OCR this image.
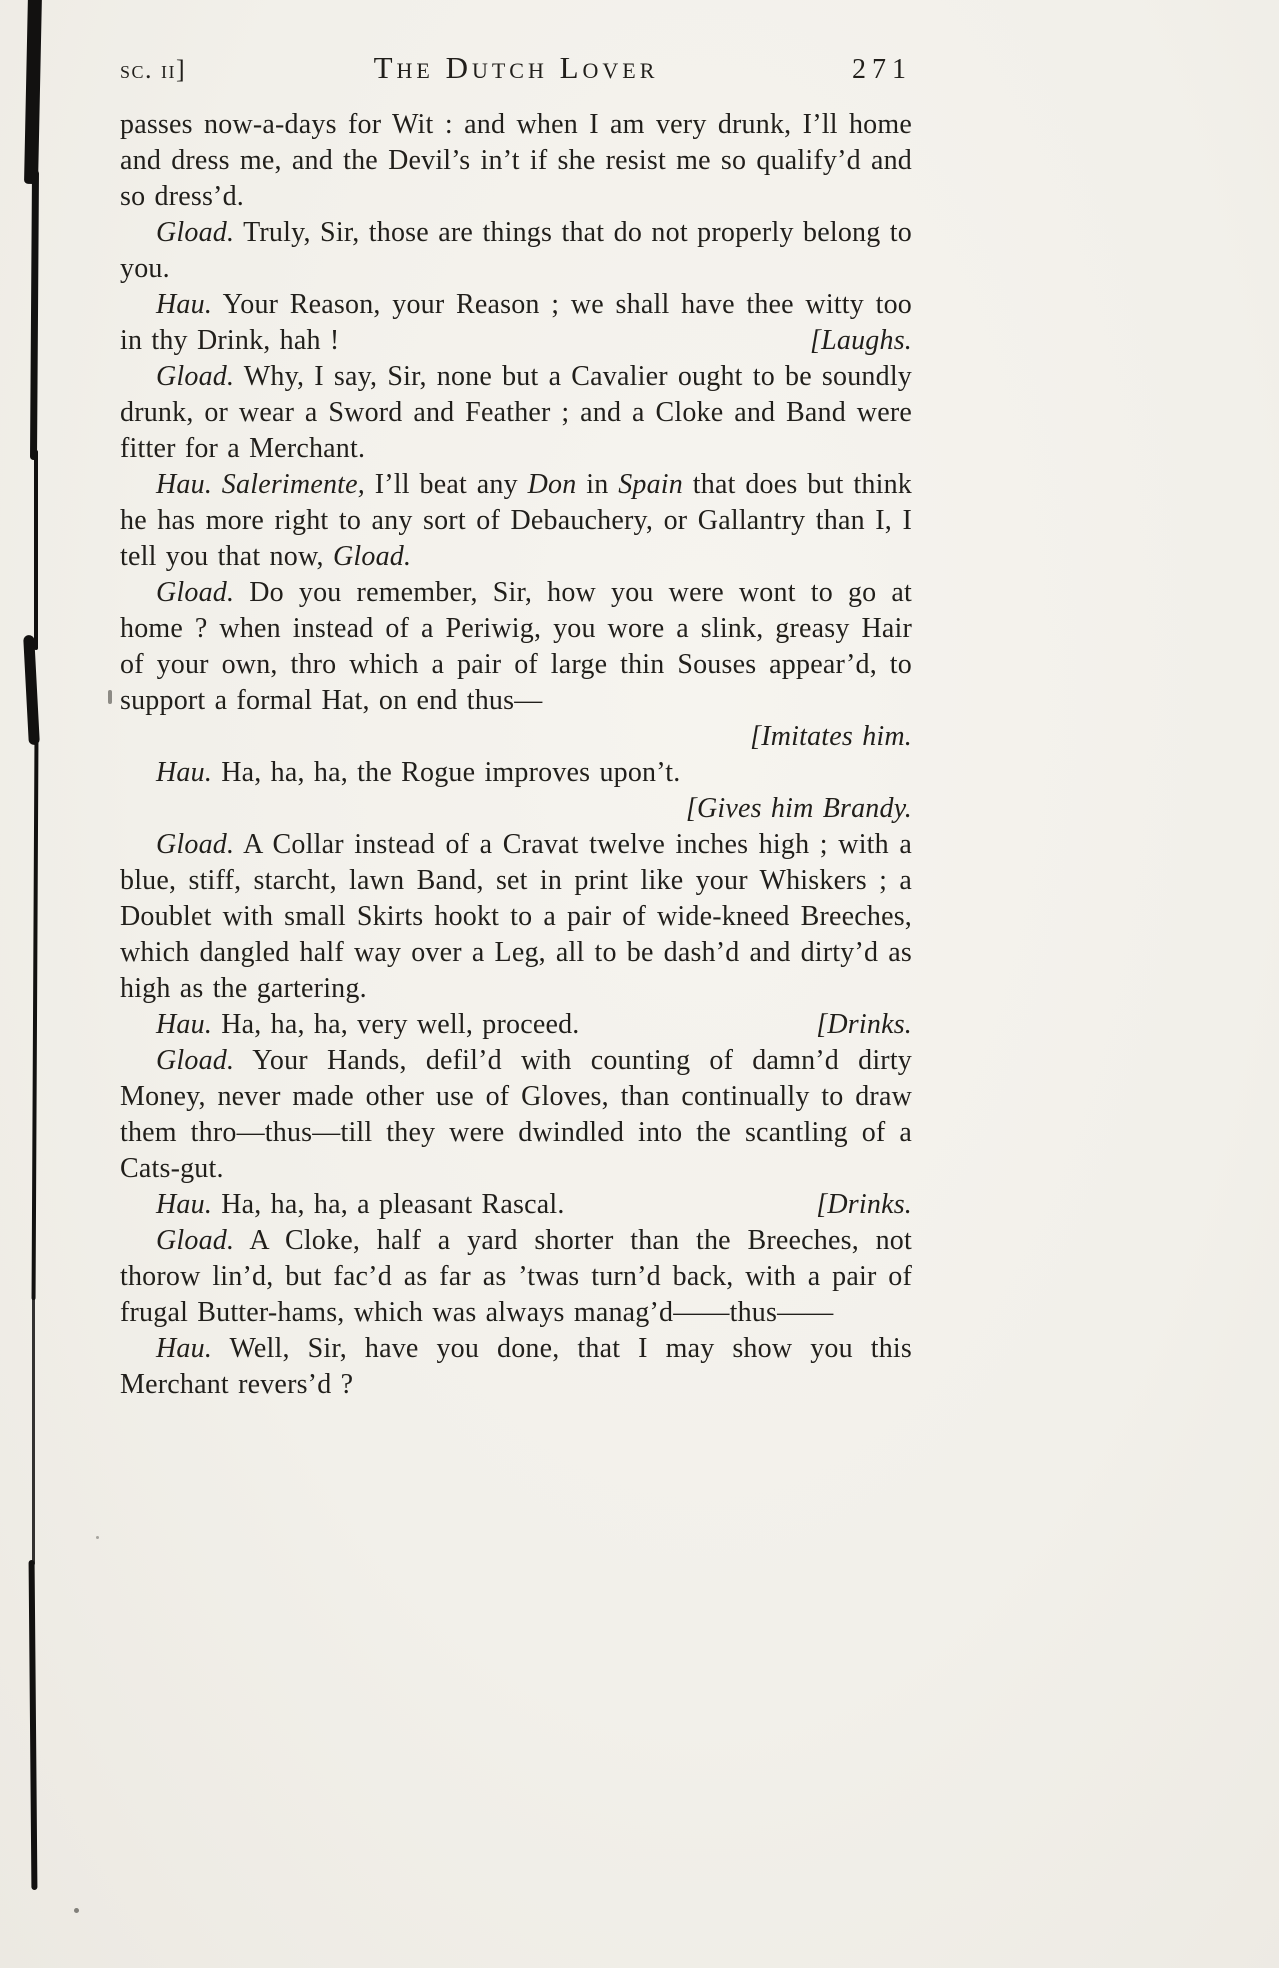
sc. ii]	The Dutch Lover	271

passes now-a-days for Wit : and when I am very drunk, I’ll home and dress me, and the Devil’s in’t if she resist me so qualify’d and so dress’d.

Gload. Truly, Sir, those are things that do not properly belong to you.

Hau. Your Reason, your Reason ; we shall have thee witty too in thy Drink, hah !	[Laughs.

Gload. Why, I say, Sir, none but a Cavalier ought to be soundly drunk, or wear a Sword and Feather ; and a Cloke and Band were fitter for a Merchant.

Hau. Salerimente, I’ll beat any Don in Spain that does but think he has more right to any sort of Debauchery, or Gallantry than I, I tell you that now, Gload.

Gload. Do you remember, Sir, how you were wont to go at home ? when instead of a Periwig, you wore a slink, greasy Hair of your own, thro which a pair of large thin Souses appear’d, to support a formal Hat, on end thus—

[Imitates him.

Hau. Ha, ha, ha, the Rogue improves upon’t.

[Gives him Brandy.

Gload. A Collar instead of a Cravat twelve inches high ; with a blue, stiff, starcht, lawn Band, set in print like your Whiskers ; a Doublet with small Skirts hookt to a pair of wide-kneed Breeches, which dangled half way over a Leg, all to be dash’d and dirty’d as high as the gartering.

Hau. Ha, ha, ha, very well, proceed.	[Drinks.

Gload. Your Hands, defil’d with counting of damn’d dirty Money, never made other use of Gloves, than continually to draw them thro—thus—till they were dwindled into the scantling of a Cats-gut.

Hau. Ha, ha, ha, a pleasant Rascal.	[Drinks.

Gload. A Cloke, half a yard shorter than the Breeches, not thorow lin’d, but fac’d as far as ’twas turn’d back, with a pair of frugal Butter-hams, which was always manag’d——thus——

Hau. Well, Sir, have you done, that I may show you this Merchant revers’d ?
